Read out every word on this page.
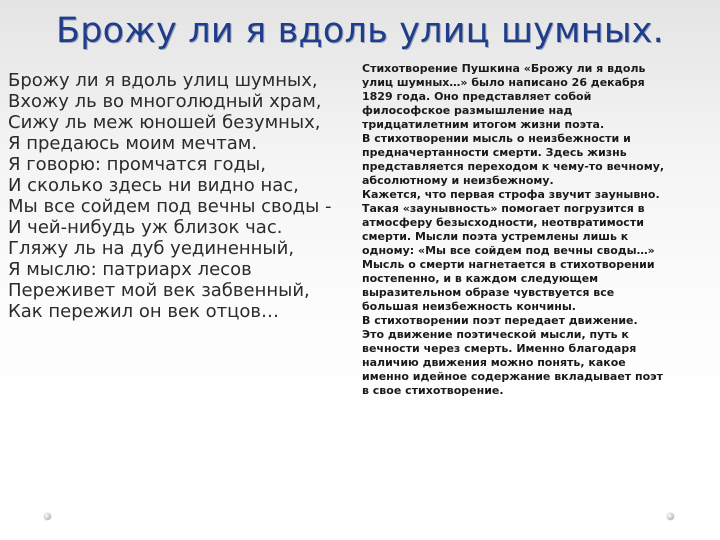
Брожу ли я вдоль улиц шумных.
Брожу ли я вдоль улиц шумных,
Вхожу ль во многолюдный храм,
Сижу ль меж юношей безумных,
Я предаюсь моим мечтам.
Я говорю: промчатся годы,
И сколько здесь ни видно нас,
Мы все сойдем под вечны своды -
И чей-нибудь уж близок час.
Гляжу ль на дуб уединенный,
Я мыслю: патриарх лесов
Переживет мой век забвенный,
Как пережил он век отцов…

Стихотворение Пушкина «Брожу ли я вдоль

улиц шумных…» было написано 26 декабря

1829 года. Оно представляет собой

философское размышление над

тридцатилетним итогом жизни поэта.

В стихотворении мысль о неизбежности и

предначертанности смерти. Здесь жизнь

представляется переходом к чему-то вечному,

абсолютному и неизбежному.

Кажется, что первая строфа звучит заунывно.

Такая «заунывность» помогает погрузится в

атмосферу безысходности, неотвратимости

смерти. Мысли поэта устремлены лишь к

одному: «Мы все сойдем под вечны своды…»

Мысль о смерти нагнетается в стихотворении

постепенно, и в каждом следующем

выразительном образе чувствуется все

большая неизбежность кончины.

В стихотворении поэт передает движение.

Это движение поэтической мысли, путь к

вечности через смерть. Именно благодаря

наличию движения можно понять, какое

именно идейное содержание вкладывает поэт

в свое стихотворение.
